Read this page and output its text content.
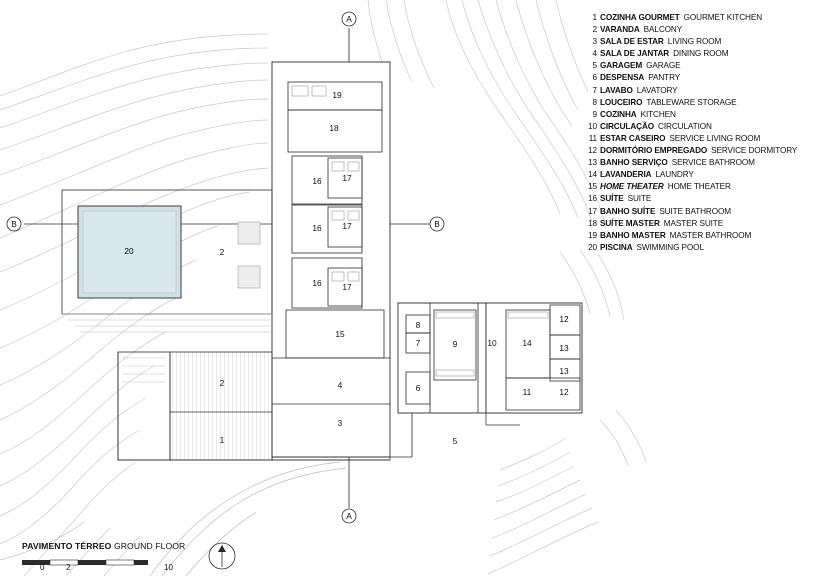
19
18
16 17
16 17
16 17
15
4
3
20	2
2
1	5
8
7
6
9	10	14
12
13
13
11	12
A
A
B	B
1 COZINHA GOURMET GOURMET KITCHEN
2 VARANDA BALCONY
3 SALA DE ESTAR LIVING ROOM
4 SALA DE JANTAR DINING ROOM
5 GARAGEM GARAGE
6 DESPENSA PANTRY
7 LAVABO LAVATORY
8 LOUCEIRO TABLEWARE STORAGE
9 COZINHA KITCHEN
10 CIRCULAÇÃO CIRCULATION
11 ESTAR CASEIRO SERVICE LIVING ROOM
12 DORMITÓRIO EMPREGADO SERVICE DORMITORY
13 BANHO SERVIÇO SERVICE BATHROOM
14 LAVANDERIA LAUNDRY
15 HOME THEATER HOME THEATER
16 SUÍTE SUITE
17 BANHO SUÍTE SUITE BATHROOM
18 SUÍTE MASTER MASTER SUITE
19 BANHO MASTER MASTER BATHROOM
20 PISCINA SWIMMING POOL
PAVIMENTO TÉRREO GROUND FLOOR
0	2	10
